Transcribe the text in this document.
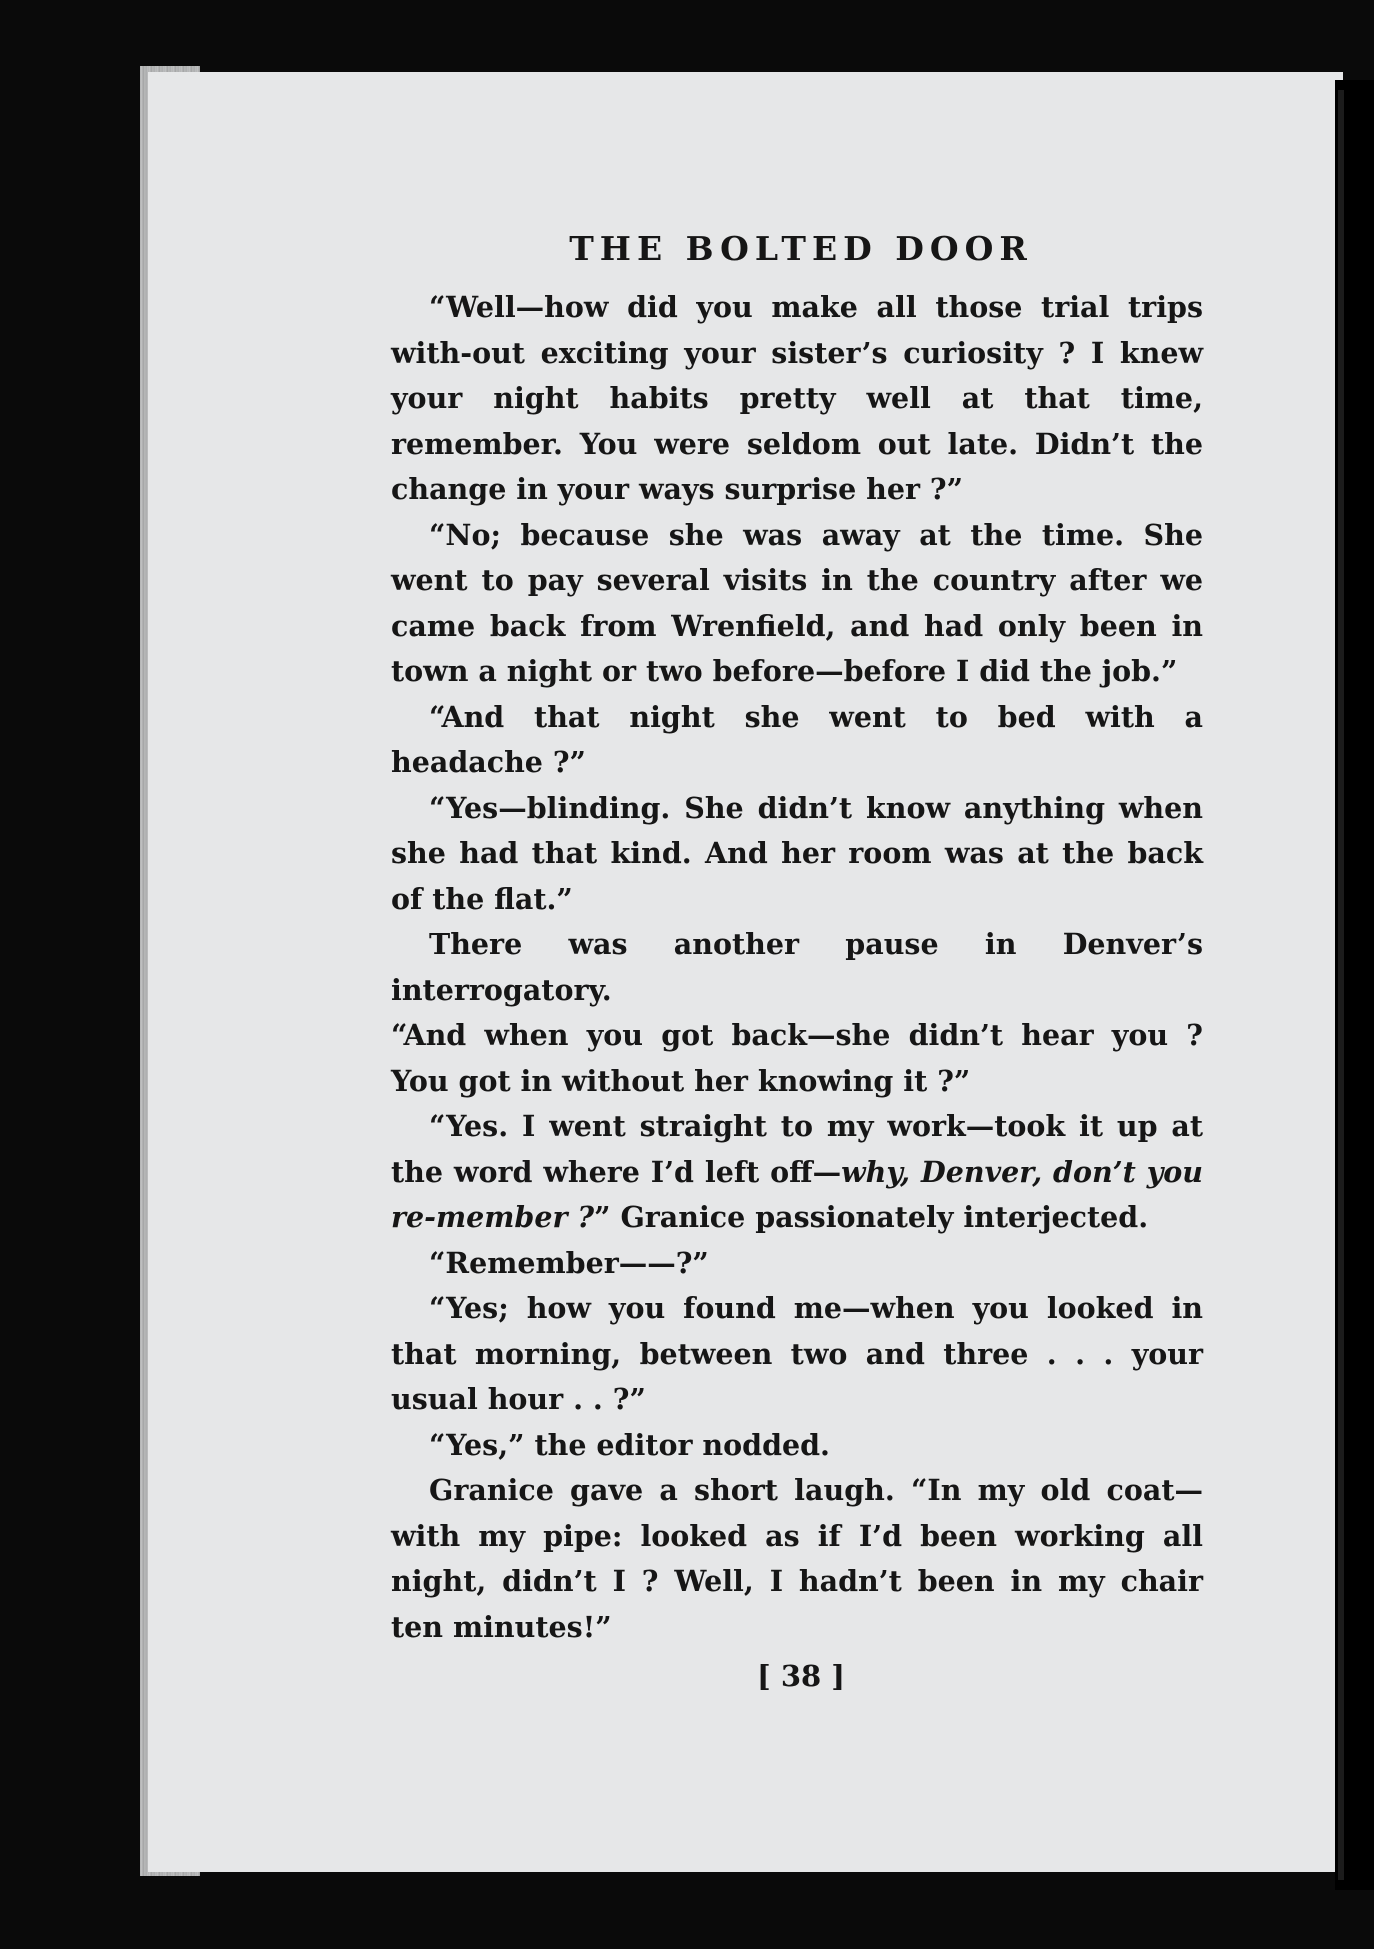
THE BOLTED DOOR

“Well—how did you make all those trial trips with-out exciting your sister’s curiosity ? I knew your night habits pretty well at that time, remember. You were seldom out late. Didn’t the change in your ways surprise her ?”

“No; because she was away at the time. She went to pay several visits in the country after we came back from Wrenfield, and had only been in town a night or two before—before I did the job.”

“And that night she went to bed with a headache ?”

“Yes—blinding. She didn’t know anything when she had that kind. And her room was at the back of the flat.”

There was another pause in Denver’s interrogatory.

“And when you got back—she didn’t hear you ? You got in without her knowing it ?”

“Yes. I went straight to my work—took it up at the word where I’d left off—why, Denver, don’t you re-member ?” Granice passionately interjected.

“Remember——?”

“Yes; how you found me—when you looked in that morning, between two and three . . . your usual hour . . ?”

“Yes,” the editor nodded.

Granice gave a short laugh. “In my old coat—with my pipe: looked as if I’d been working all night, didn’t I ? Well, I hadn’t been in my chair ten minutes!”

[ 38 ]
